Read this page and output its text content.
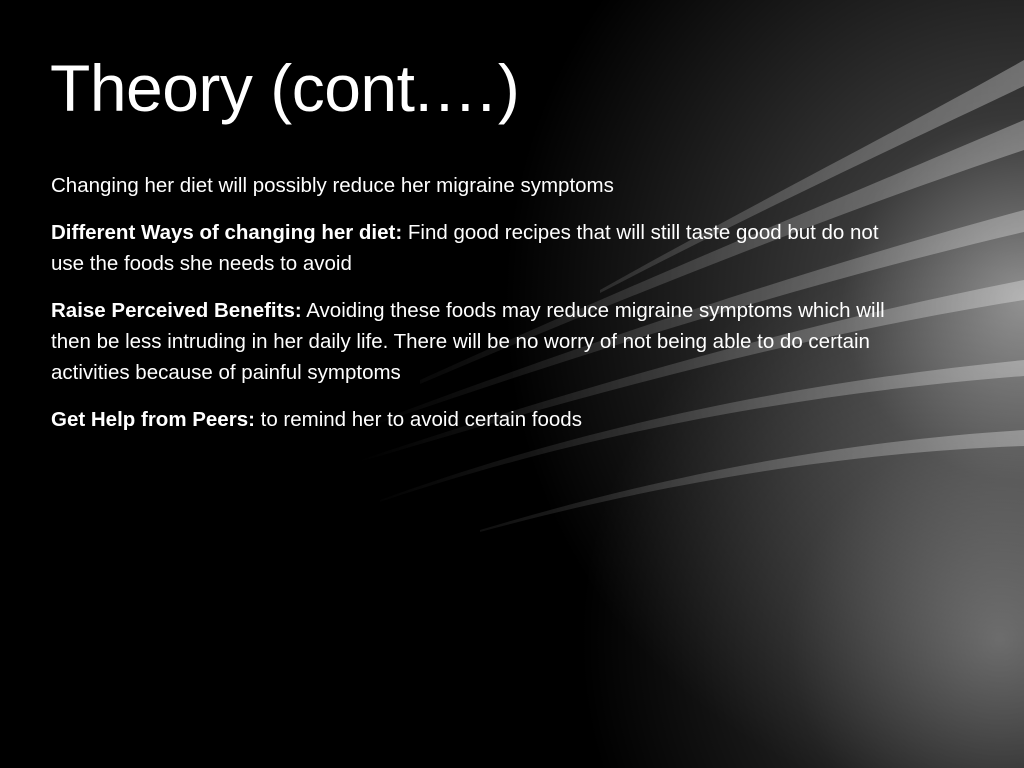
Theory (cont.…)

Changing her diet will possibly reduce her migraine symptoms

Different Ways of changing her diet: Find good recipes that will still taste good but do not use the foods she needs to avoid

Raise Perceived Benefits: Avoiding these foods may reduce migraine symptoms which will then be less intruding in her daily life. There will be no worry of not being able to do certain activities because of painful symptoms

Get Help from Peers: to remind her to avoid certain foods
